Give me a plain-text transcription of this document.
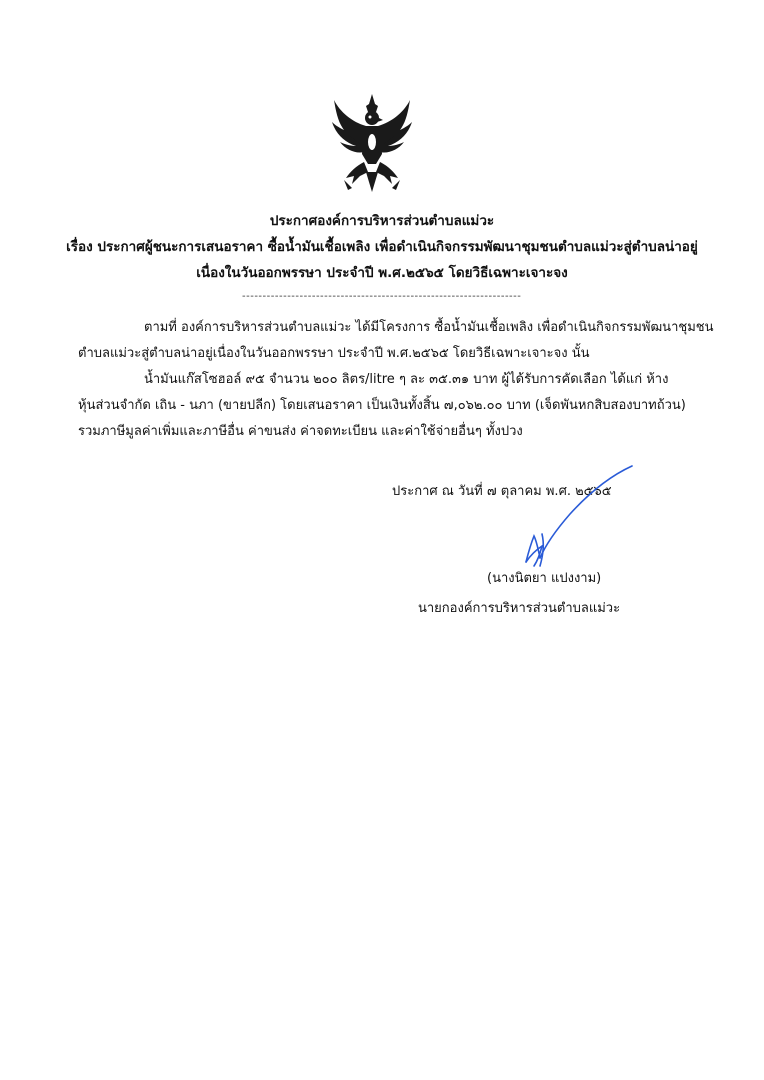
ประกาศองค์การบริหารส่วนตำบลแม่วะ
เรื่อง ประกาศผู้ชนะการเสนอราคา ซื้อน้ำมันเชื้อเพลิง เพื่อดำเนินกิจกรรมพัฒนาชุมชนตำบลแม่วะสู่ตำบลน่าอยู่
เนื่องในวันออกพรรษา ประจำปี พ.ศ.๒๕๖๕ โดยวิธีเฉพาะเจาะจง
--------------------------------------------------------------------
ตามที่ องค์การบริหารส่วนตำบลแม่วะ ได้มีโครงการ ซื้อน้ำมันเชื้อเพลิง เพื่อดำเนินกิจกรรมพัฒนาชุมชน
ตำบลแม่วะสู่ตำบลน่าอยู่เนื่องในวันออกพรรษา ประจำปี พ.ศ.๒๕๖๕ โดยวิธีเฉพาะเจาะจง นั้น
น้ำมันแก๊สโซฮอล์ ๙๕ จำนวน ๒๐๐ ลิตร/litre ๆ ละ ๓๕.๓๑ บาท ผู้ได้รับการคัดเลือก ได้แก่ ห้าง
หุ้นส่วนจำกัด เถิน - นภา (ขายปลีก) โดยเสนอราคา เป็นเงินทั้งสิ้น ๗,๐๖๒.๐๐ บาท (เจ็ดพันหกสิบสองบาทถ้วน)
รวมภาษีมูลค่าเพิ่มและภาษีอื่น ค่าขนส่ง ค่าจดทะเบียน และค่าใช้จ่ายอื่นๆ ทั้งปวง
ประกาศ ณ วันที่ ๗ ตุลาคม พ.ศ. ๒๕๖๕
(นางนิตยา แปงงาม)
นายกองค์การบริหารส่วนตำบลแม่วะ
